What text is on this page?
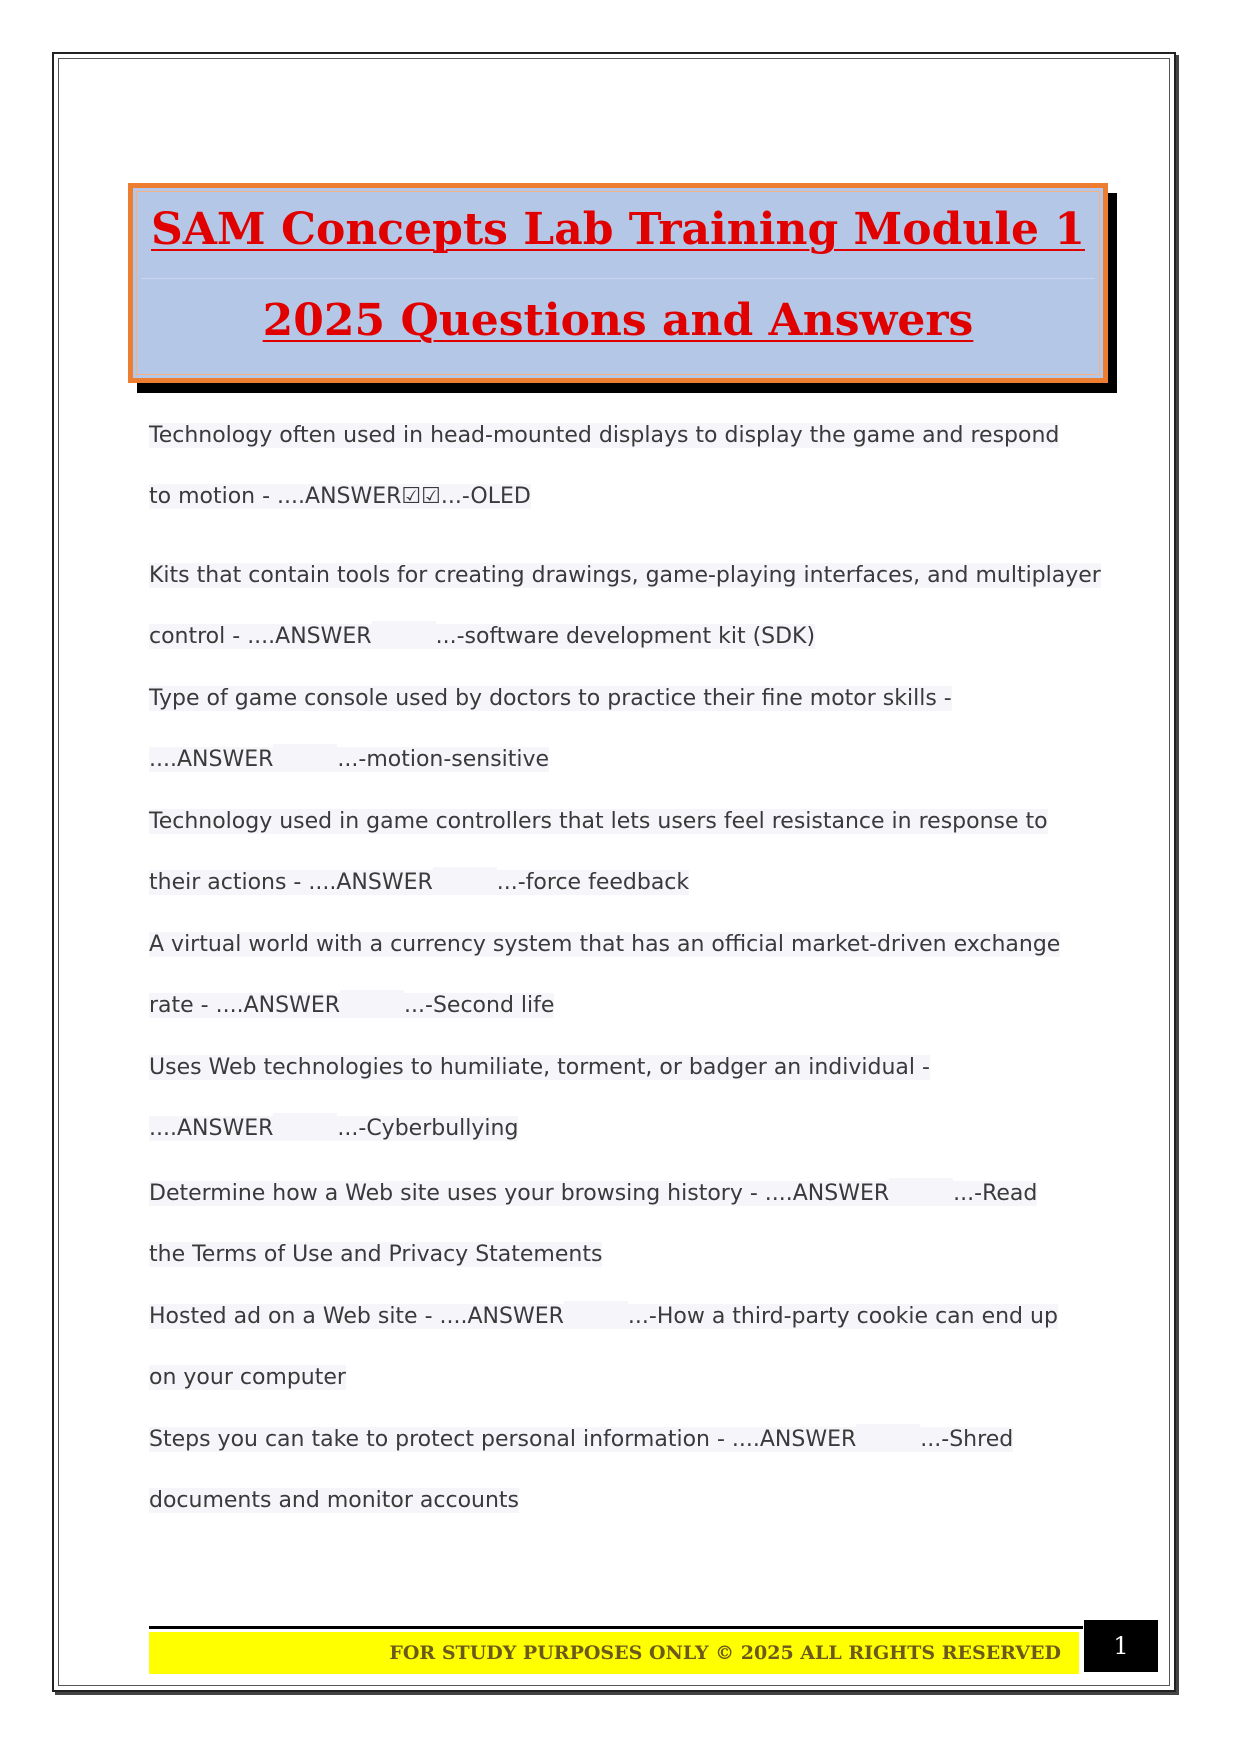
SAM Concepts Lab Training Module 1
2025 Questions and Answers
Technology often used in head-mounted displays to display the game and respond
to motion - ....ANSWER☑☑...-OLED
Kits that contain tools for creating drawings, game-playing interfaces, and multiplayer
control - ....ANSWER	...-software development kit (SDK)
Type of game console used by doctors to practice their fine motor skills -
....ANSWER	...-motion-sensitive
Technology used in game controllers that lets users feel resistance in response to
their actions - ....ANSWER	...-force feedback
A virtual world with a currency system that has an official market-driven exchange
rate - ....ANSWER	...-Second life
Uses Web technologies to humiliate, torment, or badger an individual -
....ANSWER	...-Cyberbullying
Determine how a Web site uses your browsing history - ....ANSWER	...-Read
the Terms of Use and Privacy Statements
Hosted ad on a Web site - ....ANSWER	...-How a third-party cookie can end up
on your computer
Steps you can take to protect personal information - ....ANSWER	...-Shred
documents and monitor accounts
FOR STUDY PURPOSES ONLY © 2025 ALL RIGHTS RESERVED	1
